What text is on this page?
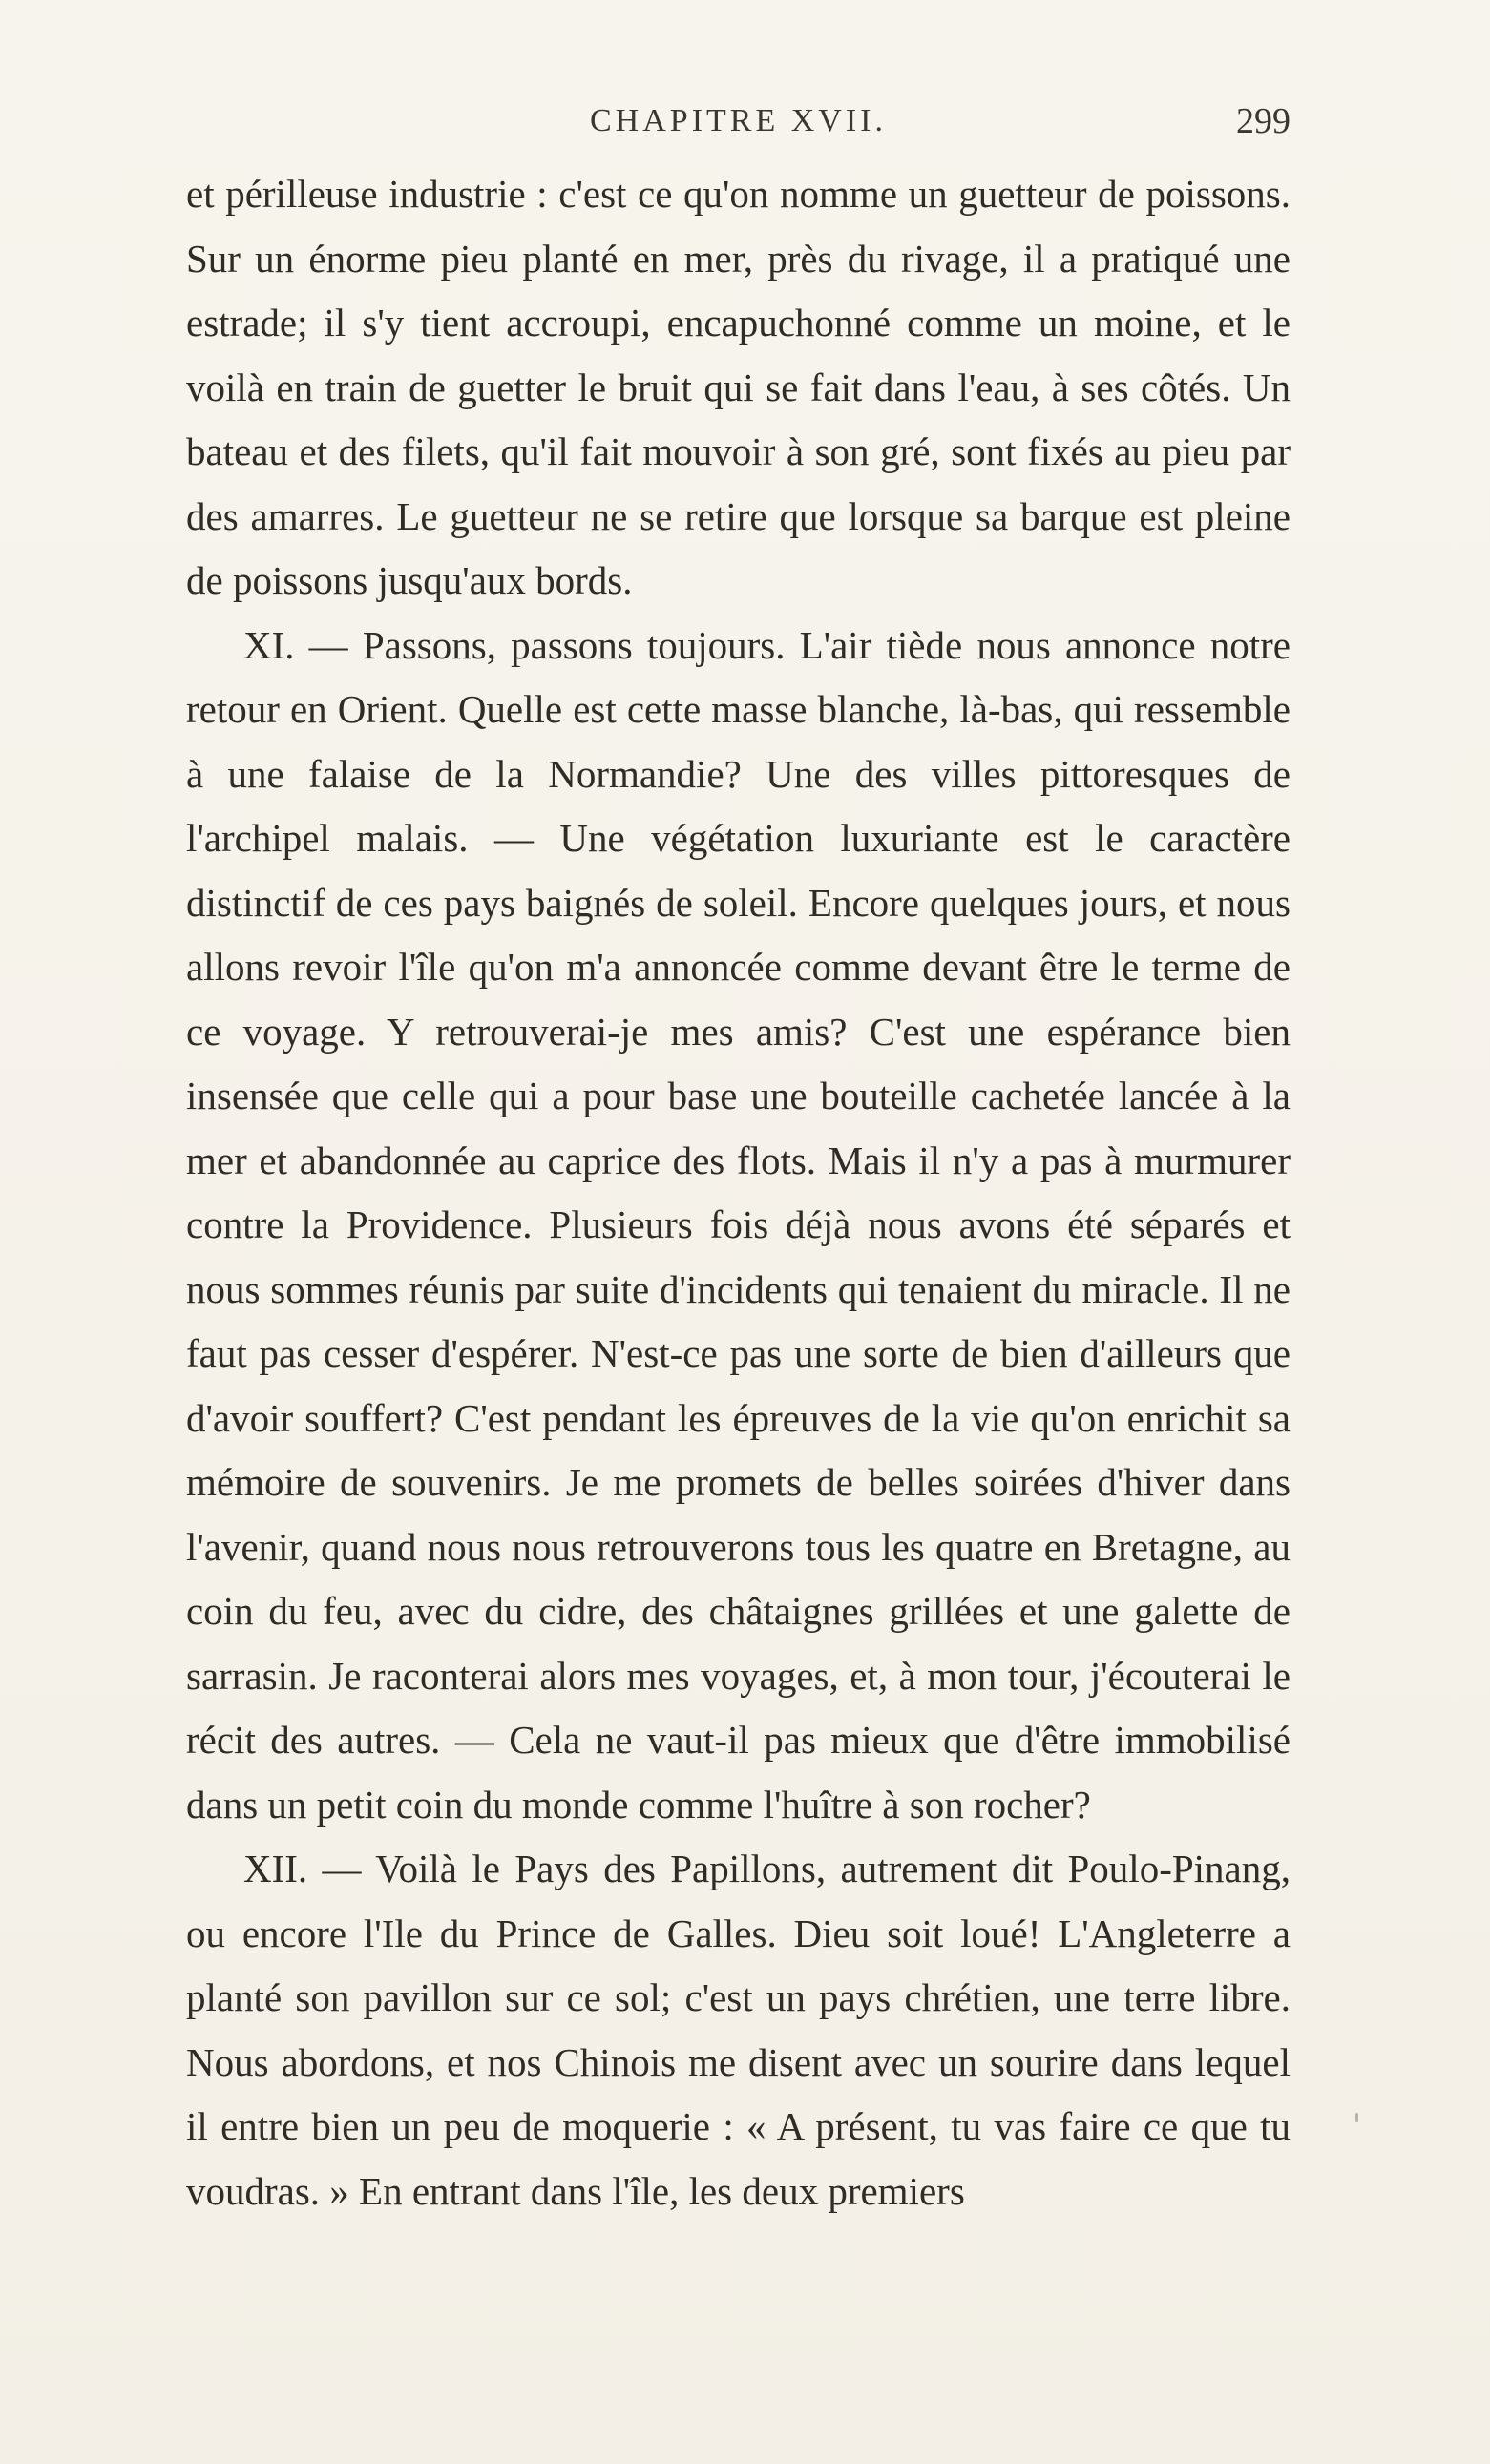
CHAPITRE XVII.	299

et périlleuse industrie : c'est ce qu'on nomme un guetteur de poissons. Sur un énorme pieu planté en mer, près du rivage, il a pratiqué une estrade; il s'y tient accroupi, encapuchonné comme un moine, et le voilà en train de guetter le bruit qui se fait dans l'eau, à ses côtés. Un bateau et des filets, qu'il fait mouvoir à son gré, sont fixés au pieu par des amarres. Le guetteur ne se retire que lorsque sa barque est pleine de poissons jusqu'aux bords.

XI. — Passons, passons toujours. L'air tiède nous annonce notre retour en Orient. Quelle est cette masse blanche, là-bas, qui ressemble à une falaise de la Normandie? Une des villes pittoresques de l'archipel malais. — Une végétation luxuriante est le caractère distinctif de ces pays baignés de soleil. Encore quelques jours, et nous allons revoir l'île qu'on m'a annoncée comme devant être le terme de ce voyage. Y retrouverai-je mes amis? C'est une espérance bien insensée que celle qui a pour base une bouteille cachetée lancée à la mer et abandonnée au caprice des flots. Mais il n'y a pas à murmurer contre la Providence. Plusieurs fois déjà nous avons été séparés et nous sommes réunis par suite d'incidents qui tenaient du miracle. Il ne faut pas cesser d'espérer. N'est-ce pas une sorte de bien d'ailleurs que d'avoir souffert? C'est pendant les épreuves de la vie qu'on enrichit sa mémoire de souvenirs. Je me promets de belles soirées d'hiver dans l'avenir, quand nous nous retrouverons tous les quatre en Bretagne, au coin du feu, avec du cidre, des châtaignes grillées et une galette de sarrasin. Je raconterai alors mes voyages, et, à mon tour, j'écouterai le récit des autres. — Cela ne vaut-il pas mieux que d'être immobilisé dans un petit coin du monde comme l'huître à son rocher?

XII. — Voilà le Pays des Papillons, autrement dit Poulo-Pinang, ou encore l'Ile du Prince de Galles. Dieu soit loué! L'Angleterre a planté son pavillon sur ce sol; c'est un pays chrétien, une terre libre. Nous abordons, et nos Chinois me disent avec un sourire dans lequel il entre bien un peu de moquerie : « A présent, tu vas faire ce que tu voudras. » En entrant dans l'île, les deux premiers
